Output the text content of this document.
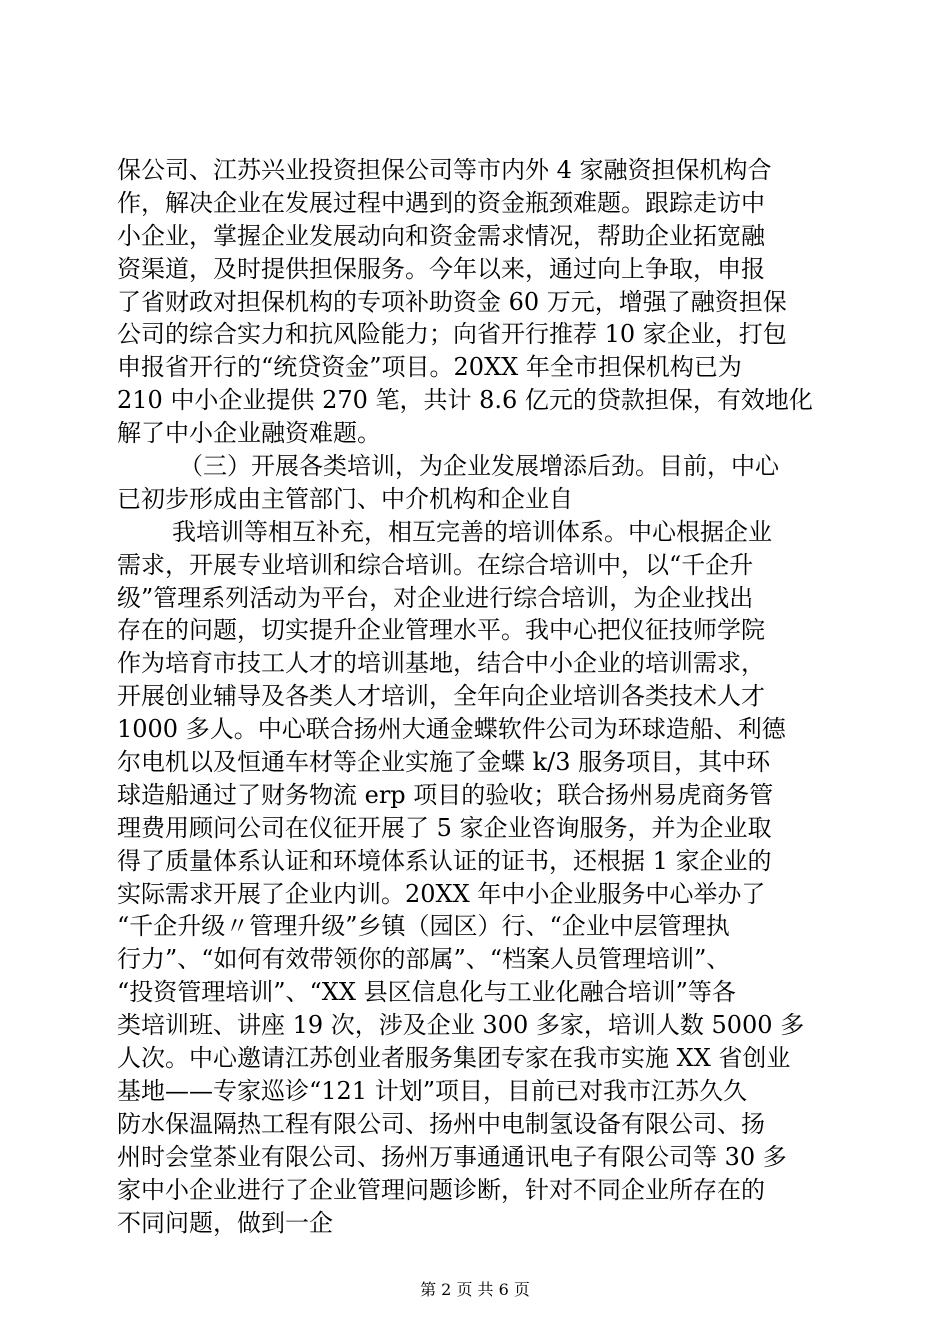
保公司、江苏兴业投资担保公司等市内外 4 家融资担保机构合
作，解决企业在发展过程中遇到的资金瓶颈难题。跟踪走访中
小企业，掌握企业发展动向和资金需求情况，帮助企业拓宽融
资渠道，及时提供担保服务。今年以来，通过向上争取，申报
了省财政对担保机构的专项补助资金 60 万元，增强了融资担保
公司的综合实力和抗风险能力；向省开行推荐 10 家企业，打包
申报省开行的“统贷资金”项目。20XX 年全市担保机构已为
210 中小企业提供 270 笔，共计 8.6 亿元的贷款担保，有效地化
解了中小企业融资难题。
（三）开展各类培训，为企业发展增添后劲。目前，中心
已初步形成由主管部门、中介机构和企业自
我培训等相互补充，相互完善的培训体系。中心根据企业
需求，开展专业培训和综合培训。在综合培训中，以“千企升
级”管理系列活动为平台，对企业进行综合培训，为企业找出
存在的问题，切实提升企业管理水平。我中心把仪征技师学院
作为培育市技工人才的培训基地，结合中小企业的培训需求，
开展创业辅导及各类人才培训，全年向企业培训各类技术人才
1000 多人。中心联合扬州大通金蝶软件公司为环球造船、利德
尔电机以及恒通车材等企业实施了金蝶 k/3 服务项目，其中环
球造船通过了财务物流 erp 项目的验收；联合扬州易虎商务管
理费用顾问公司在仪征开展了 5 家企业咨询服务，并为企业取
得了质量体系认证和环境体系认证的证书，还根据 1 家企业的
实际需求开展了企业内训。20XX 年中小企业服务中心举办了
“千企升级〃管理升级”乡镇（园区）行、“企业中层管理执
行力”、“如何有效带领你的部属”、“档案人员管理培训”、
“投资管理培训”、“XX 县区信息化与工业化融合培训”等各
类培训班、讲座 19 次，涉及企业 300 多家，培训人数 5000 多
人次。中心邀请江苏创业者服务集团专家在我市实施 XX 省创业
基地——专家巡诊“121 计划”项目，目前已对我市江苏久久
防水保温隔热工程有限公司、扬州中电制氢设备有限公司、扬
州时会堂茶业有限公司、扬州万事通通讯电子有限公司等 30 多
家中小企业进行了企业管理问题诊断，针对不同企业所存在的
不同问题，做到一企
第 2 页 共 6 页
